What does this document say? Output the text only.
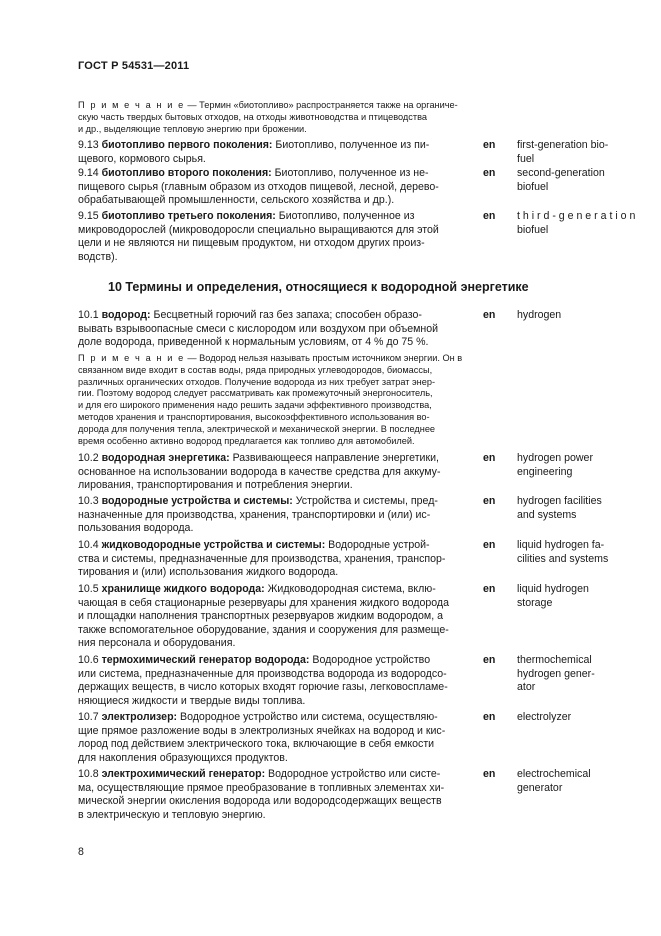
ГОСТ Р 54531—2011
П р и м е ч а н и е — Термин «биотопливо» распространяется также на органиче-
скую часть твердых бытовых отходов, на отходы животноводства и птицеводства
и др., выделяющие тепловую энергию при брожении.
9.13 биотопливо первого поколения: Биотопливо, полученное из пи-
щевого, кормового сырья.
en	first-generation bio-
fuel
9.14 биотопливо второго поколения: Биотопливо, полученное из не-
пищевого сырья (главным образом из отходов пищевой, лесной, дерево-
обрабатывающей промышленности, сельского хозяйства и др.).
en	second-generation
biofuel
9.15 биотопливо третьего поколения: Биотопливо, полученное из
микроводорослей (микроводоросли специально выращиваются для этой
цели и не являются ни пищевым продуктом, ни отходом других произ-
водств).
en	t h i r d - g e n e r a t i o n
biofuel
10 Термины и определения, относящиеся к водородной энергетике
10.1 водород: Бесцветный горючий газ без запаха; способен образо-
вывать взрывоопасные смеси с кислородом или воздухом при объемной
доле водорода, приведенной к нормальным условиям, от 4 % до 75 %.
en	hydrogen
П р и м е ч а н и е — Водород нельзя называть простым источником энергии. Он в
связанном виде входит в состав воды, ряда природных углеводородов, биомассы,
различных органических отходов. Получение водорода из них требует затрат энер-
гии. Поэтому водород следует рассматривать как промежуточный энергоноситель,
и для его широкого применения надо решить задачи эффективного производства,
методов хранения и транспортирования, высокоэффективного использования во-
дорода для получения тепла, электрической и механической энергии. В последнее
время особенно активно водород предлагается как топливо для автомобилей.
10.2 водородная энергетика: Развивающееся направление энергетики,
основанное на использовании водорода в качестве средства для аккуму-
лирования, транспортирования и потребления энергии.
en	hydrogen power
engineering
10.3 водородные устройства и системы: Устройства и системы, пред-
назначенные для производства, хранения, транспортировки и (или) ис-
пользования водорода.
en	hydrogen facilities
and systems
10.4 жидководородные устройства и системы: Водородные устрой-
ства и системы, предназначенные для производства, хранения, транспор-
тирования и (или) использования жидкого водорода.
en	liquid hydrogen fa-
cilities and systems
10.5 хранилище жидкого водорода: Жидководородная система, вклю-
чающая в себя стационарные резервуары для хранения жидкого водорода
и площадки наполнения транспортных резервуаров жидким водородом, а
также вспомогательное оборудование, здания и сооружения для размеще-
ния персонала и оборудования.
en	liquid hydrogen
storage
10.6 термохимический генератор водорода: Водородное устройство
или система, предназначенные для производства водорода из водородсо-
держащих веществ, в число которых входят горючие газы, легковоспламе-
няющиеся жидкости и твердые виды топлива.
en	thermochemical
hydrogen gener-
ator
10.7 электролизер: Водородное устройство или система, осуществляю-
щие прямое разложение воды в электролизных ячейках на водород и кис-
лород под действием электрического тока, включающие в себя емкости
для накопления образующихся продуктов.
en	electrolyzer
10.8 электрохимический генератор: Водородное устройство или систе-
ма, осуществляющие прямое преобразование в топливных элементах хи-
мической энергии окисления водорода или водородсодержащих веществ
в электрическую и тепловую энергию.
en	electrochemical
generator
8
